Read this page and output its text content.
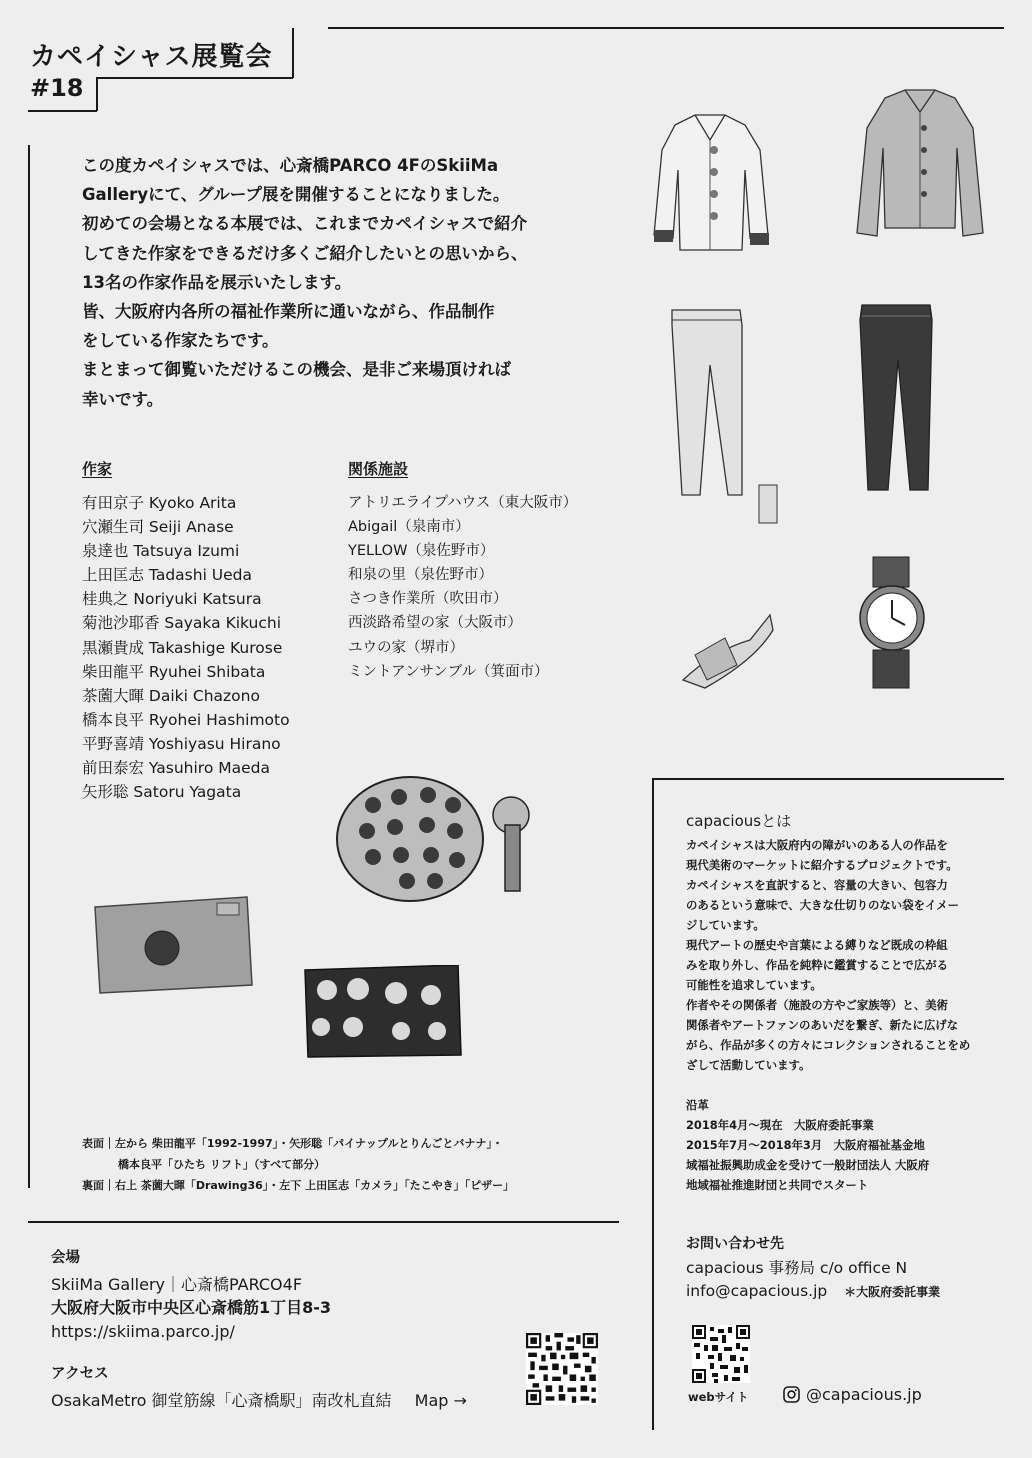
カペイシャス展覧会
#18

この度カペイシャスでは、心斎橋PARCO 4FのSkiiMa

Galleryにて、グループ展を開催することになりました。

初めての会場となる本展では、これまでカペイシャスで紹介

してきた作家をできるだけ多くご紹介したいとの思いから、

13名の作家作品を展示いたします。

皆、大阪府内各所の福祉作業所に通いながら、作品制作

をしている作家たちです。

まとまって御覧いただけるこの機会、是非ご来場頂ければ

幸いです。

作家
有田京子 Kyoko Arita
穴瀬生司 Seiji Anase
泉達也 Tatsuya Izumi
上田匡志 Tadashi Ueda
桂典之 Noriyuki Katsura
菊池沙耶香 Sayaka Kikuchi
黒瀬貴成 Takashige Kurose
柴田龍平 Ryuhei Shibata
茶薗大暉 Daiki Chazono
橋本良平 Ryohei Hashimoto
平野喜靖 Yoshiyasu Hirano
前田泰宏 Yasuhiro Maeda
矢形聡 Satoru Yagata
関係施設
アトリエライプハウス（東大阪市）
Abigail（泉南市）
YELLOW（泉佐野市）
和泉の里（泉佐野市）
さつき作業所（吹田市）
西淡路希望の家（大阪市）
ユウの家（堺市）
ミントアンサンブル（箕面市）
表面｜左から 柴田龍平「1992-1997」・矢形聡「パイナップルとりんごとバナナ」・
橋本良平「ひたち リフト」（すべて部分）
裏面｜右上 茶薗大暉「Drawing36」・左下 上田匡志「カメラ」「たこやき」「ピザー」
capaciousとは

カペイシャスは大阪府内の障がいのある人の作品を

現代美術のマーケットに紹介するプロジェクトです。

カペイシャスを直訳すると、容量の大きい、包容力

のあるという意味で、大きな仕切りのない袋をイメー

ジしています。

現代アートの歴史や言葉による縛りなど既成の枠組

みを取り外し、作品を純粋に鑑賞することで広がる

可能性を追求しています。

作者やその関係者（施設の方やご家族等）と、美術

関係者やアートファンのあいだを繋ぎ、新たに広げな

がら、作品が多くの方々にコレクションされることをめ

ざして活動しています。

沿革

2018年4月～現在　大阪府委託事業

2015年7月～2018年3月　大阪府福祉基金地

域福祉振興助成金を受けて一般財団法人 大阪府

地域福祉推進財団と共同でスタート

お問い合わせ先
capacious 事務局 c/o office N
info@capacious.jp ＊大阪府委託事業
webサイト	@capacious.jp
会場

SkiiMa Gallery｜心斎橋PARCO4F

大阪府大阪市中央区心斎橋筋1丁目8-3

https://skiima.parco.jp/

アクセス
OsakaMetro 御堂筋線「心斎橋駅」南改札直結 Map →
